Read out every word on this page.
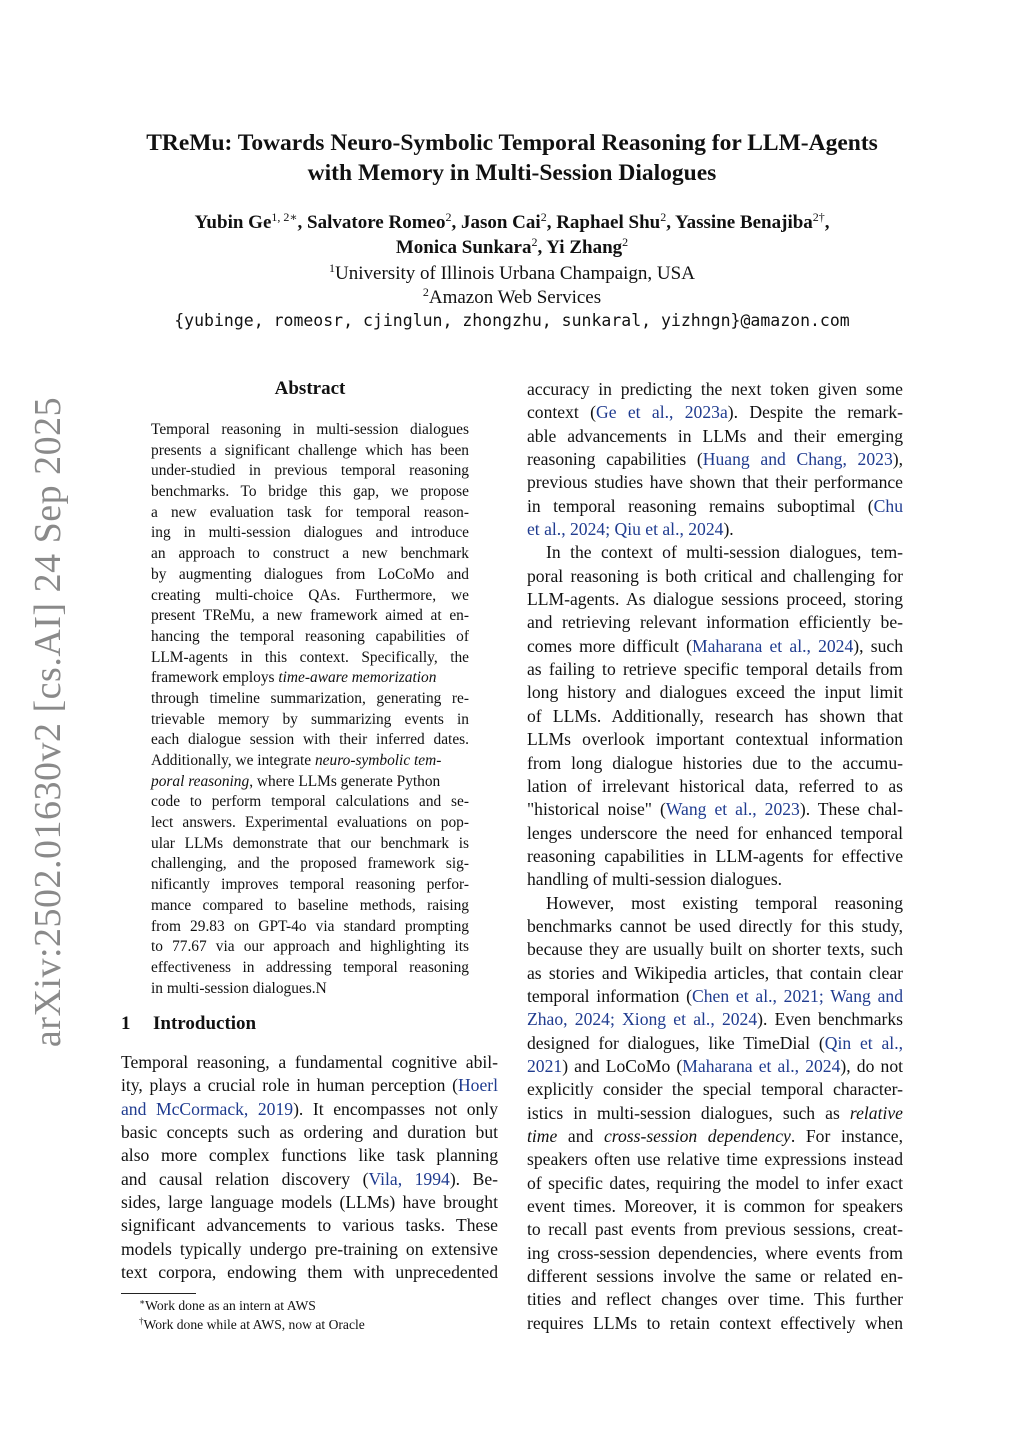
arXiv:2502.01630v2 [cs.AI] 24 Sep 2025
TReMu: Towards Neuro-Symbolic Temporal Reasoning for LLM-Agents
with Memory in Multi-Session Dialogues
Yubin $Ge^{1, 2∗}$, Salvatore Romeo$^2$, Jason Cai$^2$, Raphael Shu$^2$, Yassine Benajiba$^{2\dagger}$,
Monica Sunkara$^2$, Yi Zhang$^2$
$^1$University of Illinois Urbana Champaign, USA
$^2$Amazon Web Services
{yubinge, romeosr, cjinglun, zhongzhu, sunkaral, yizhngn}@amazon.com
Abstract
Temporal reasoning in multi-session dialogues
presents a significant challenge which has been
under-studied in previous temporal reasoning
benchmarks. To bridge this gap, we propose
a new evaluation task for temporal reason-
ing in multi-session dialogues and introduce
an approach to construct a new benchmark
by augmenting dialogues from LoCoMo and
creating multi-choice QAs. Furthermore, we
present TReMu, a new framework aimed at en-
hancing the temporal reasoning capabilities of
LLM-agents in this context. Specifically, the
framework employs time-aware memorization
through timeline summarization, generating re-
trievable memory by summarizing events in
each dialogue session with their inferred dates.
Additionally, we integrate neuro-symbolic tem-
poral reasoning, where LLMs generate Python
code to perform temporal calculations and se-
lect answers. Experimental evaluations on pop-
ular LLMs demonstrate that our benchmark is
challenging, and the proposed framework sig-
nificantly improves temporal reasoning perfor-
mance compared to baseline methods, raising
from 29.83 on GPT-4o via standard prompting
to 77.67 via our approach and highlighting its
effectiveness in addressing temporal reasoning
in multi-session dialogues.N
1 Introduction
Temporal reasoning, a fundamental cognitive abil-
ity, plays a crucial role in human perception (Hoerl
and McCormack, 2019). It encompasses not only
basic concepts such as ordering and duration but
also more complex functions like task planning
and causal relation discovery (Vila, 1994). Be-
sides, large language models (LLMs) have brought
significant advancements to various tasks. These
models typically undergo pre-training on extensive
text corpora, endowing them with unprecedented
accuracy in predicting the next token given some
context (Ge et al., 2023a). Despite the remark-
able advancements in LLMs and their emerging
reasoning capabilities (Huang and Chang, 2023),
previous studies have shown that their performance
in temporal reasoning remains suboptimal (Chu
et al., 2024; Qiu et al., 2024).
In the context of multi-session dialogues, tem-
poral reasoning is both critical and challenging for
LLM-agents. As dialogue sessions proceed, storing
and retrieving relevant information efficiently be-
comes more difficult (Maharana et al., 2024), such
as failing to retrieve specific temporal details from
long history and dialogues exceed the input limit
of LLMs. Additionally, research has shown that
LLMs overlook important contextual information
from long dialogue histories due to the accumu-
lation of irrelevant historical data, referred to as
"historical noise" (Wang et al., 2023). These chal-
lenges underscore the need for enhanced temporal
reasoning capabilities in LLM-agents for effective
handling of multi-session dialogues.
However, most existing temporal reasoning
benchmarks cannot be used directly for this study,
because they are usually built on shorter texts, such
as stories and Wikipedia articles, that contain clear
temporal information (Chen et al., 2021; Wang and
Zhao, 2024; Xiong et al., 2024). Even benchmarks
designed for dialogues, like TimeDial (Qin et al.,
2021) and LoCoMo (Maharana et al., 2024), do not
explicitly consider the special temporal character-
istics in multi-session dialogues, such as relative
time and cross-session dependency. For instance,
speakers often use relative time expressions instead
of specific dates, requiring the model to infer exact
event times. Moreover, it is common for speakers
to recall past events from previous sessions, creat-
ing cross-session dependencies, where events from
different sessions involve the same or related en-
tities and reflect changes over time. This further
requires LLMs to retain context effectively when
∗Work done as an intern at AWS
†Work done while at AWS, now at Oracle
